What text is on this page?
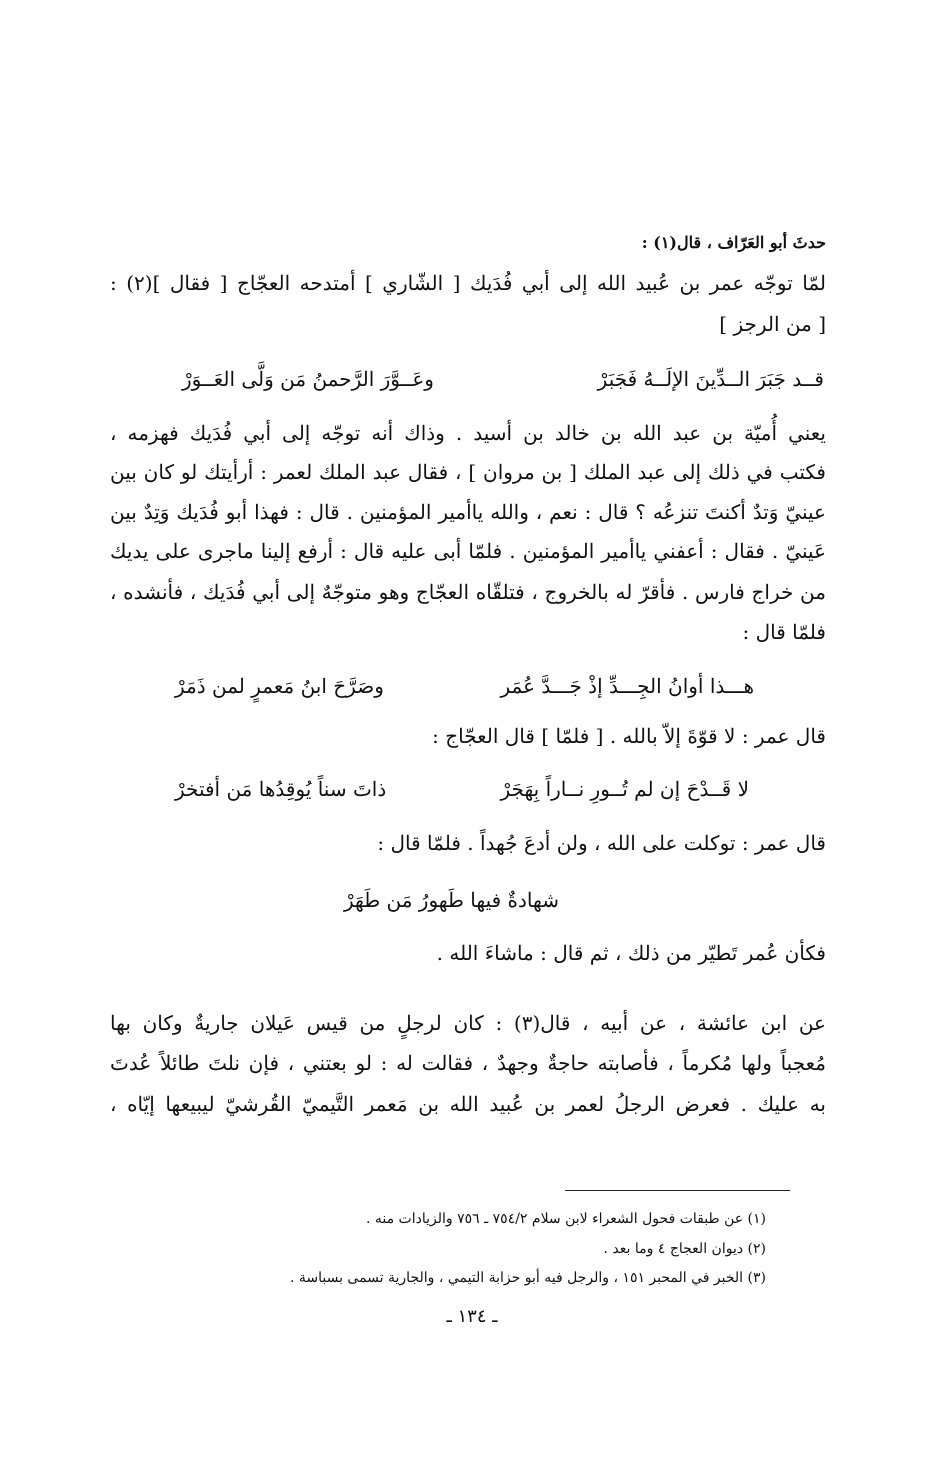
حدثَ أبو العَرّاف ، قال(١) :
لمّا توجّه عمر بن عُبيد الله إلى أبي فُدَيك [ الشّاري ] أمتدحه العجّاج [ فقال ](٢) :
[ من الرجز ]
قــد جَبَرَ الــدِّينَ الإلَــهُ فَجَبَرْ
وعَــوَّرَ الرَّحمنُ مَن وَلَّى العَــوَرْ
يعني أُميّة بن عبد الله بن خالد بن أسيد . وذاك أنه توجّه إلى أبي فُدَيك فهزمه ،
فكتب في ذلك إلى عبد الملك [ بن مروان ] ، فقال عبد الملك لعمر : أرأيتك لو كان بين
عينيّ وَتدٌ أكنتَ تنزعُه ؟ قال : نعم ، والله ياأمير المؤمنين . قال : فهذا أبو فُدَيك وَتِدٌ بين
عَينيّ . فقال : أعفني ياأمير المؤمنين . فلمّا أبى عليه قال : أرفع إلينا ماجرى على يديك
من خراج فارس . فأقرّ له بالخروج ، فتلقّاه العجّاج وهو متوجّهٌ إلى أبي فُدَيك ، فأنشده ،
فلمّا قال :
هـــذا أوانُ الجِـــدِّ إذْ جَـــدَّ عُمَر
وصَرَّحَ ابنُ مَعمرٍ لمن ذَمَرْ
قال عمر : لا قوّةَ إلاّ بالله . [ فلمّا ] قال العجّاج :
لا قَــدْحَ إن لم تُــورِ نــاراً بِهَجَرْ
ذاتَ سناً يُوقِدُها مَن أفتخرْ
قال عمر : توكلت على الله ، ولن أدعَ جُهداً . فلمّا قال :
شهادةٌ فيها طَهورُ مَن طَهَرْ
فكأن عُمر تَطيّر من ذلك ، ثم قال : ماشاءَ الله .
عن ابن عائشة ، عن أبيه ، قال(٣) : كان لرجلٍ من قيس عَيلان جاريةٌ وكان بها
مُعجباً ولها مُكرماً ، فأصابته حاجةٌ وجهدٌ ، فقالت له : لو بعتني ، فإن نلتَ طائلاً عُدتَ
به عليك . فعرض الرجلُ لعمر بن عُبيد الله بن مَعمر التَّيميّ القُرشيّ ليبيعها إيّاه ،
(١) عن طبقات فحول الشعراء لابن سلام ٧٥٤/٢ ـ ٧٥٦ والزيادات منه .
(٢) ديوان العجاج ٤ وما بعد .
(٣) الخبر في المحبر ١٥١ ، والرجل فيه أبو حزابة التيمي ، والجارية تسمى بسباسة .
ـ ١٣٤ ـ
